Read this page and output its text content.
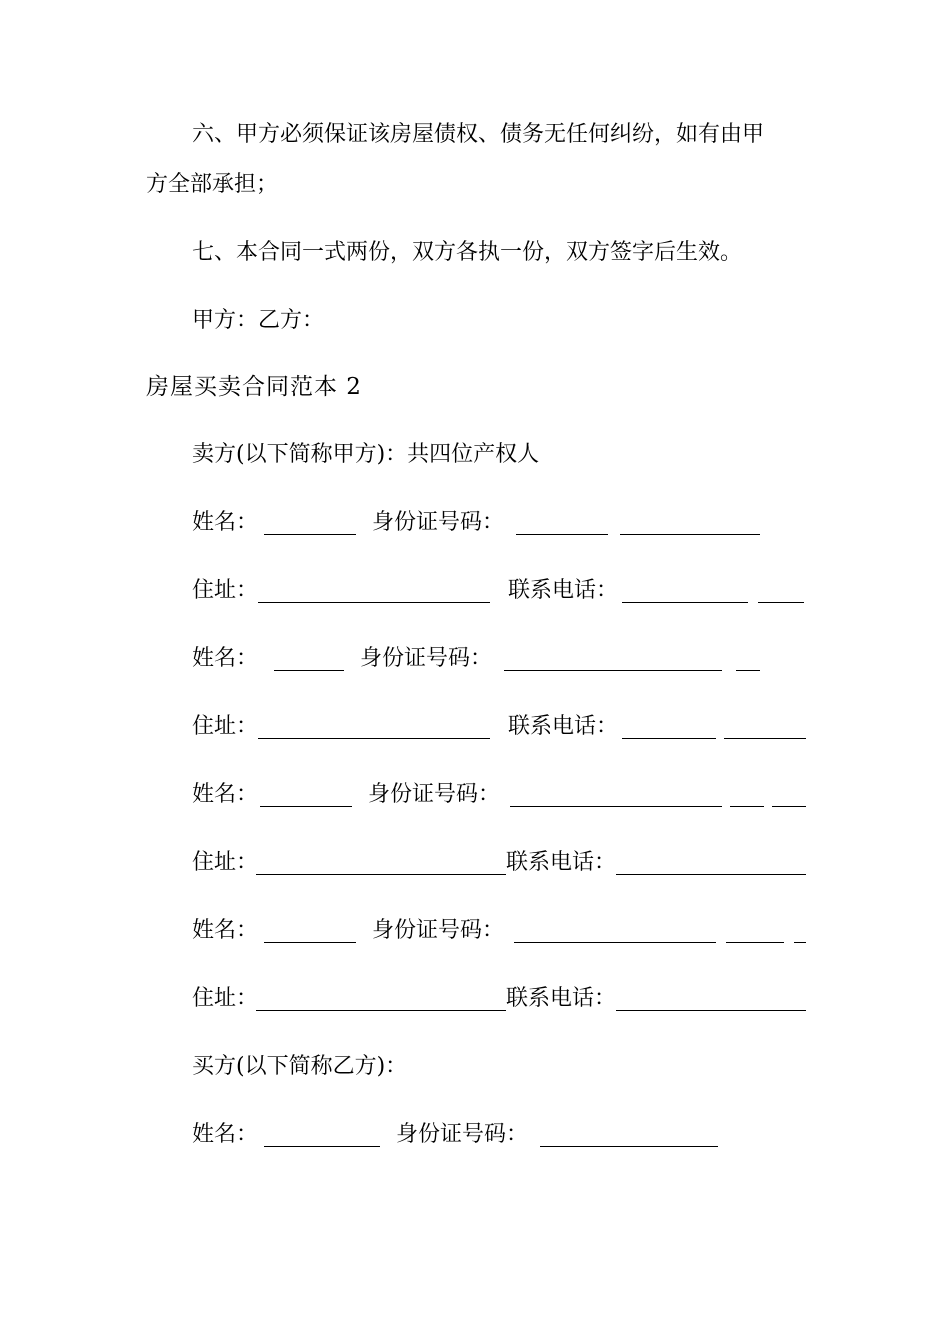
六、甲方必须保证该房屋债权、债务无任何纠纷，如有由甲
方全部承担；
七、本合同一式两份，双方各执一份，双方签字后生效。
甲方：乙方：
房屋买卖合同范本 2
卖方(以下简称甲方)：共四位产权人
姓名：	身份证号码：
住址：	联系电话：
姓名：	身份证号码：
住址：	联系电话：
姓名：	身份证号码：
住址：	联系电话：
姓名：	身份证号码：
住址：	联系电话：
买方(以下简称乙方)：
姓名：	身份证号码：
